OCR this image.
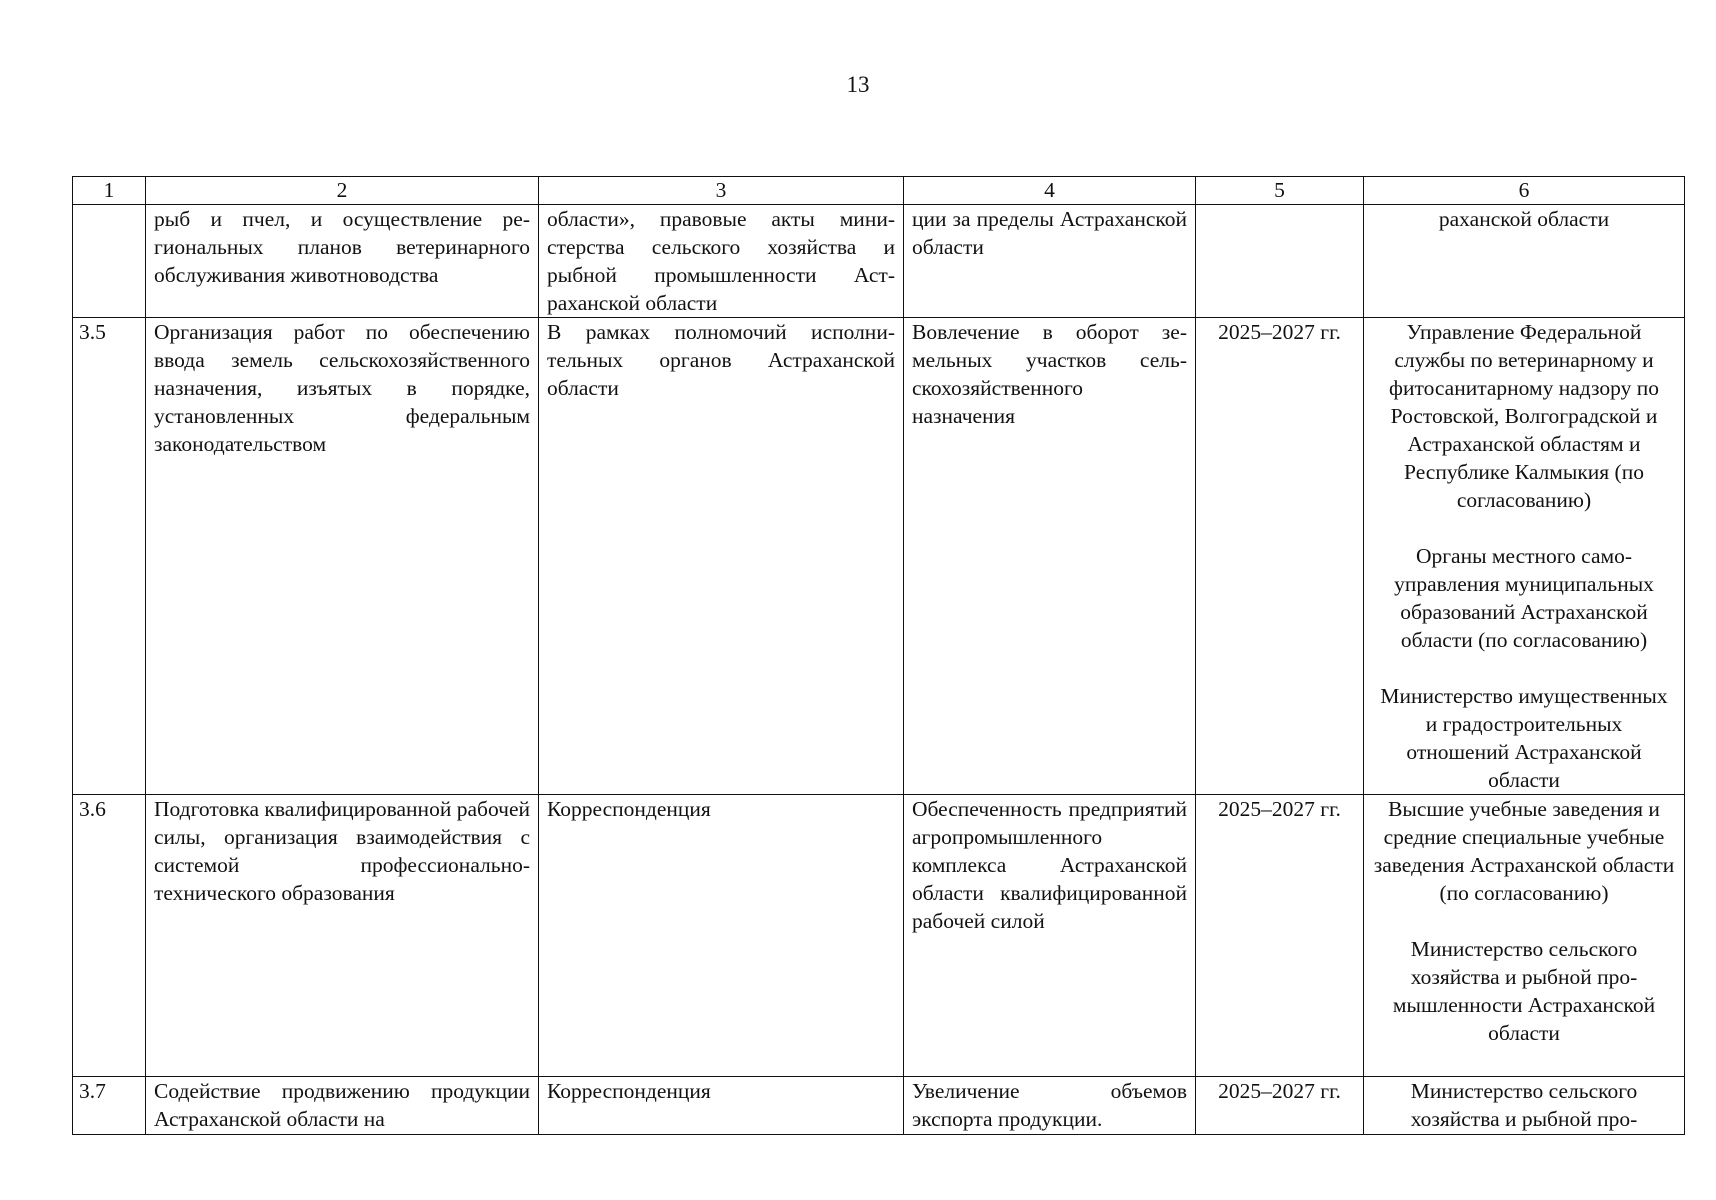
13
1	2	3	4	5	6
	рыб и пчел, и осуществление региональных планов ветеринарного обслуживания животноводства	области», правовые акты министерства сельского хозяйства и рыбной промышленности Астраханской области	ции за пределы Астраханской области		раханской области

3.5	Организация работ по обеспечению ввода земель сельскохозяйственного назначения, изъятых в порядке, установленных федеральным законодательством	В рамках полномочий исполнительных органов Астраханской области	Вовлечение в оборот земельных участков сельскохозяйственного назначения	2025–2027 гг.	Управление Федеральной службы по ветеринарному и фитосанитарному надзору по Ростовской, Волгоградской и Астраханской областям и Республике Калмыкия (по согласованию)

Органы местного самоуправления муниципальных образований Астраханской области (по согласованию)

Министерство имущественных и градостроительных отношений Астраханской области

3.6	Подготовка квалифицированной рабочей силы, организация взаимодействия с системой профессионально-технического образования	Корреспонденция	Обеспеченность предприятий агропромышленного комплекса Астраханской области квалифицированной рабочей силой	2025–2027 гг.	Высшие учебные заведения и средние специальные учебные заведения Астраханской области (по согласованию)

Министерство сельского хозяйства и рыбной промышленности Астраханской области

3.7	Содействие продвижению продукции Астраханской области на	Корреспонденция	Увеличение объемов экспорта продукции.	2025–2027 гг.	Министерство сельского хозяйства и рыбной про-
